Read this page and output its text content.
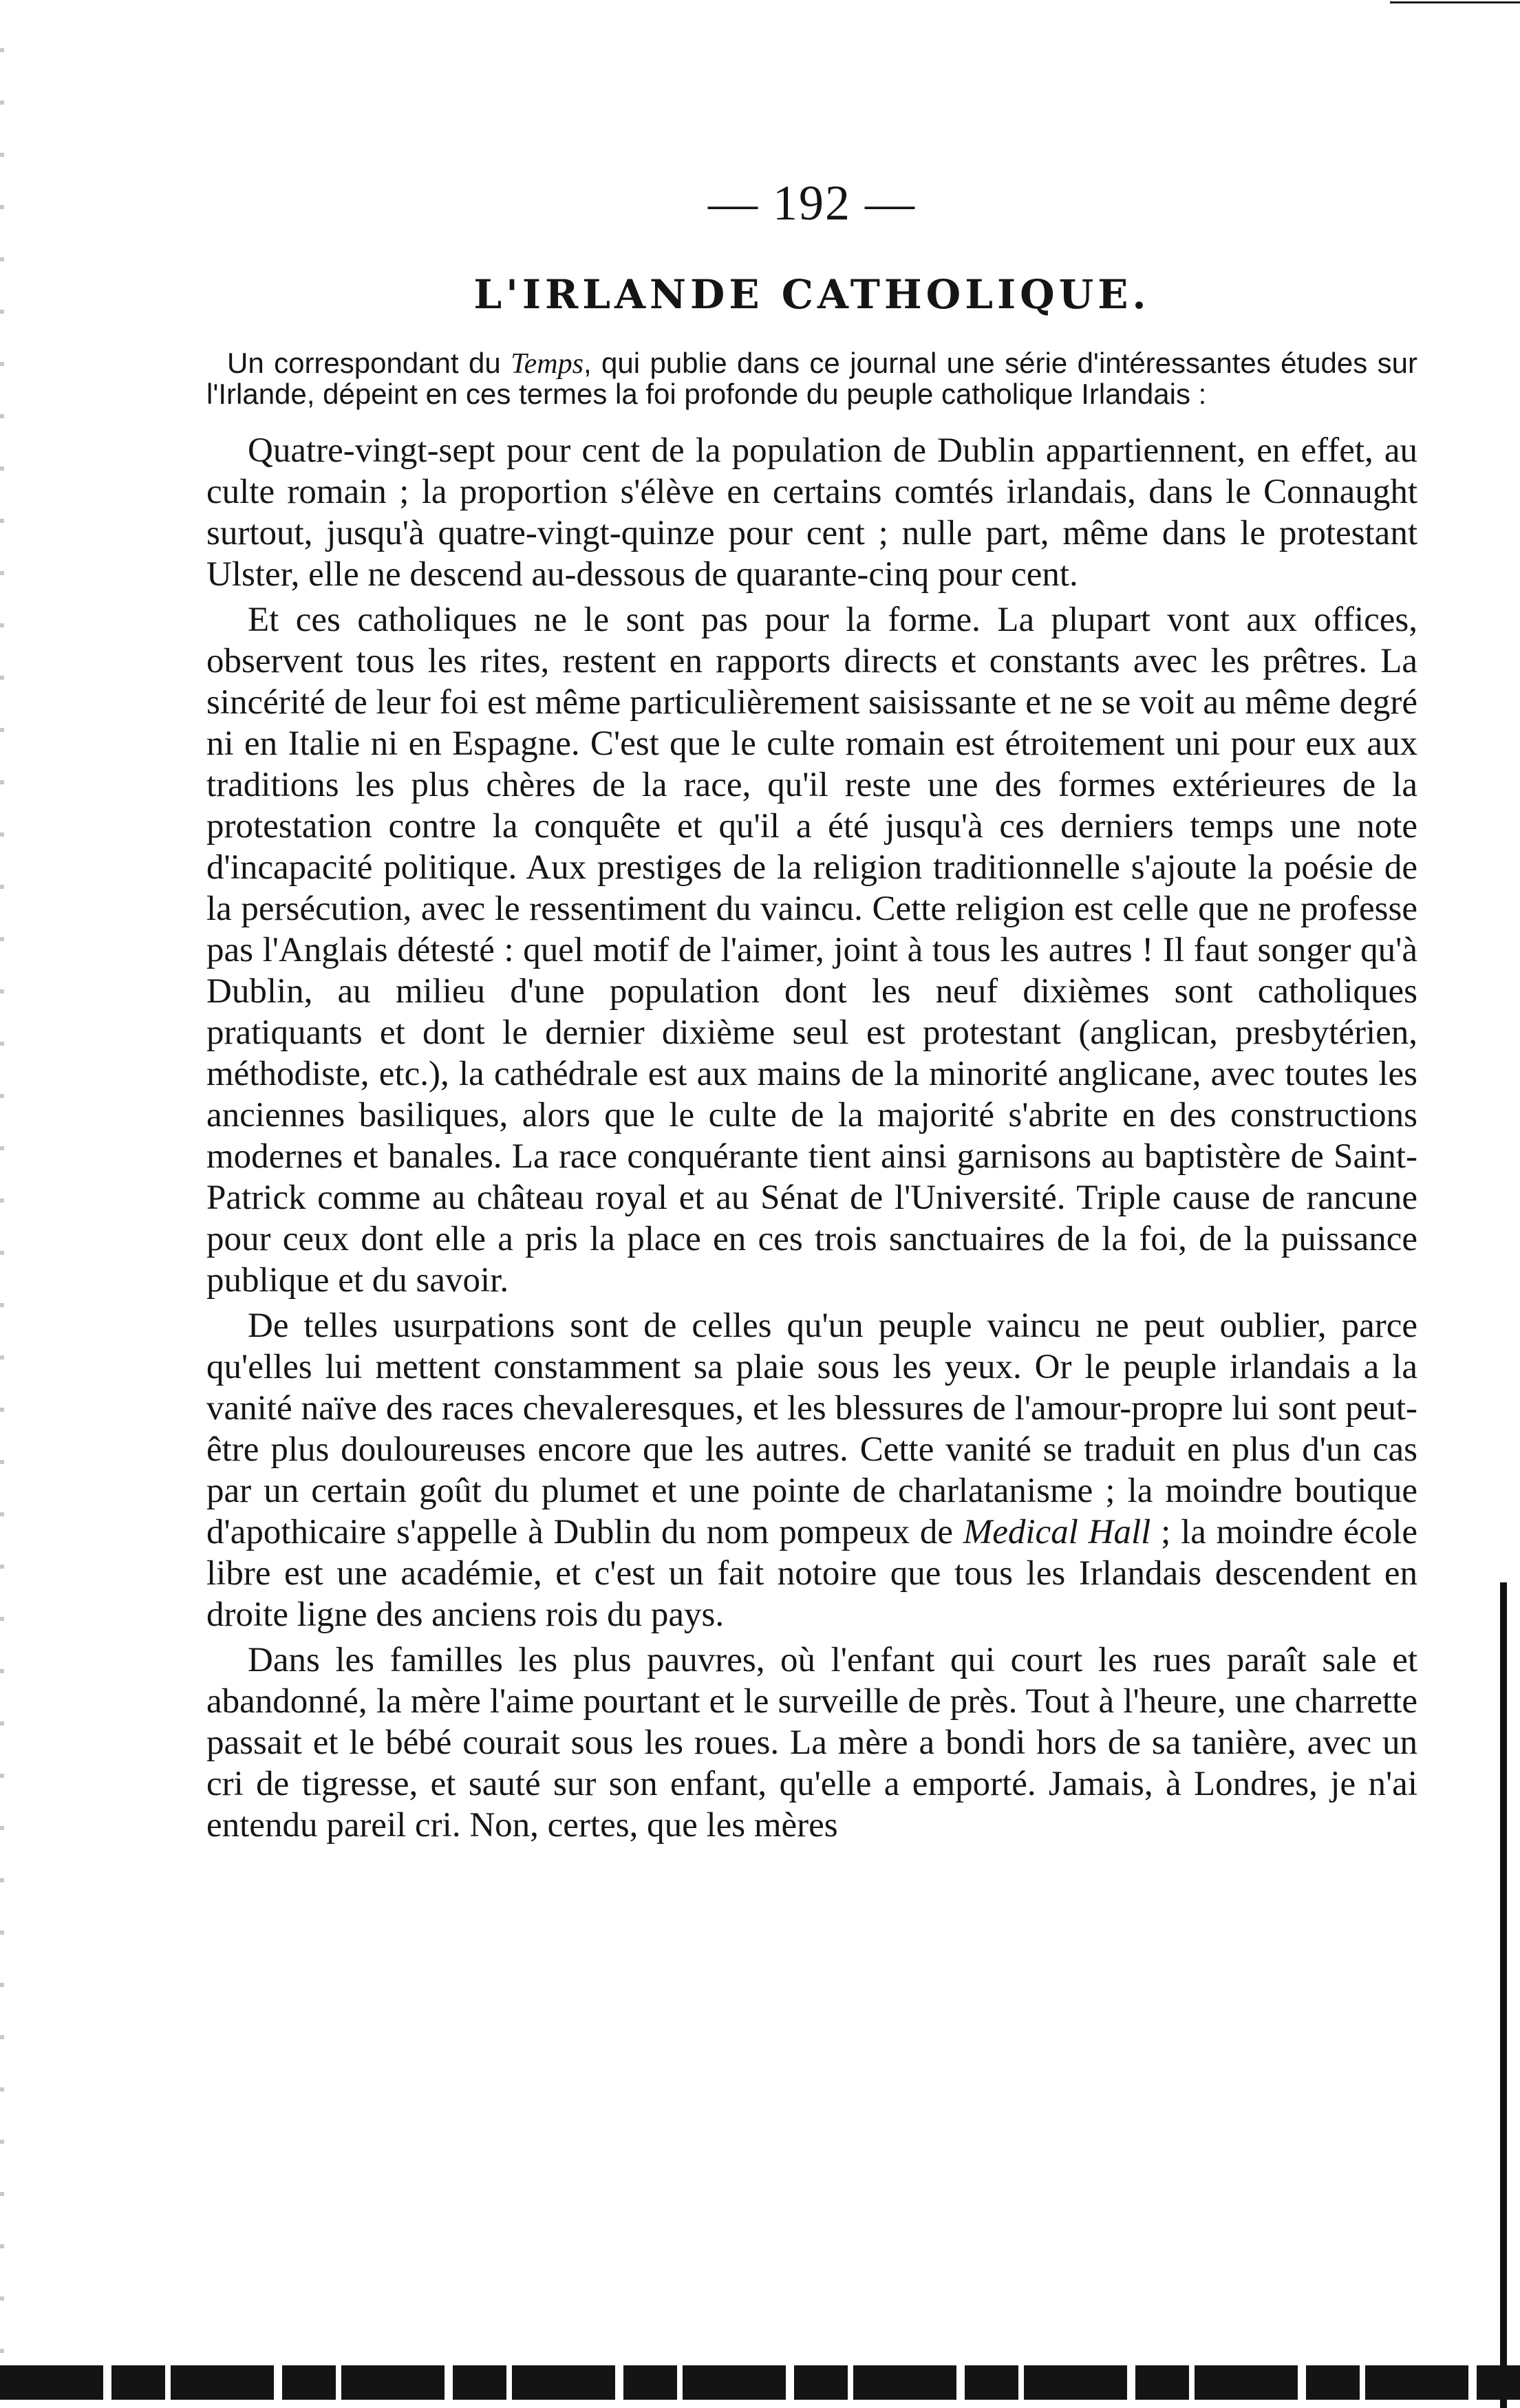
— 192 —
L'IRLANDE CATHOLIQUE.
Un correspondant du Temps, qui publie dans ce journal une série d'intéressantes études sur l'Irlande, dépeint en ces termes la foi profonde du peuple catholique Irlandais :

Quatre-vingt-sept pour cent de la population de Dublin appartiennent, en effet, au culte romain ; la proportion s'élève en certains comtés irlandais, dans le Connaught surtout, jusqu'à quatre-vingt-quinze pour cent ; nulle part, même dans le protestant Ulster, elle ne descend au-dessous de quarante-cinq pour cent.

Et ces catholiques ne le sont pas pour la forme. La plupart vont aux offices, observent tous les rites, restent en rapports directs et constants avec les prêtres. La sincérité de leur foi est même particulièrement saisissante et ne se voit au même degré ni en Italie ni en Espagne. C'est que le culte romain est étroitement uni pour eux aux traditions les plus chères de la race, qu'il reste une des formes extérieures de la protestation contre la conquête et qu'il a été jusqu'à ces derniers temps une note d'incapacité politique. Aux prestiges de la religion traditionnelle s'ajoute la poésie de la persécution, avec le ressentiment du vaincu. Cette religion est celle que ne professe pas l'Anglais détesté : quel motif de l'aimer, joint à tous les autres ! Il faut songer qu'à Dublin, au milieu d'une population dont les neuf dixièmes sont catholiques pratiquants et dont le dernier dixième seul est protestant (anglican, presbytérien, méthodiste, etc.), la cathédrale est aux mains de la minorité anglicane, avec toutes les anciennes basiliques, alors que le culte de la majorité s'abrite en des constructions modernes et banales. La race conquérante tient ainsi garnisons au baptistère de Saint-Patrick comme au château royal et au Sénat de l'Université. Triple cause de rancune pour ceux dont elle a pris la place en ces trois sanctuaires de la foi, de la puissance publique et du savoir.

De telles usurpations sont de celles qu'un peuple vaincu ne peut oublier, parce qu'elles lui mettent constamment sa plaie sous les yeux. Or le peuple irlandais a la vanité naïve des races chevaleresques, et les blessures de l'amour-propre lui sont peut-être plus douloureuses encore que les autres. Cette vanité se traduit en plus d'un cas par un certain goût du plumet et une pointe de charlatanisme ; la moindre boutique d'apothicaire s'appelle à Dublin du nom pompeux de Medical Hall ; la moindre école libre est une académie, et c'est un fait notoire que tous les Irlandais descendent en droite ligne des anciens rois du pays.

Dans les familles les plus pauvres, où l'enfant qui court les rues paraît sale et abandonné, la mère l'aime pourtant et le surveille de près. Tout à l'heure, une charrette passait et le bébé courait sous les roues. La mère a bondi hors de sa tanière, avec un cri de tigresse, et sauté sur son enfant, qu'elle a emporté. Jamais, à Londres, je n'ai entendu pareil cri. Non, certes, que les mères
